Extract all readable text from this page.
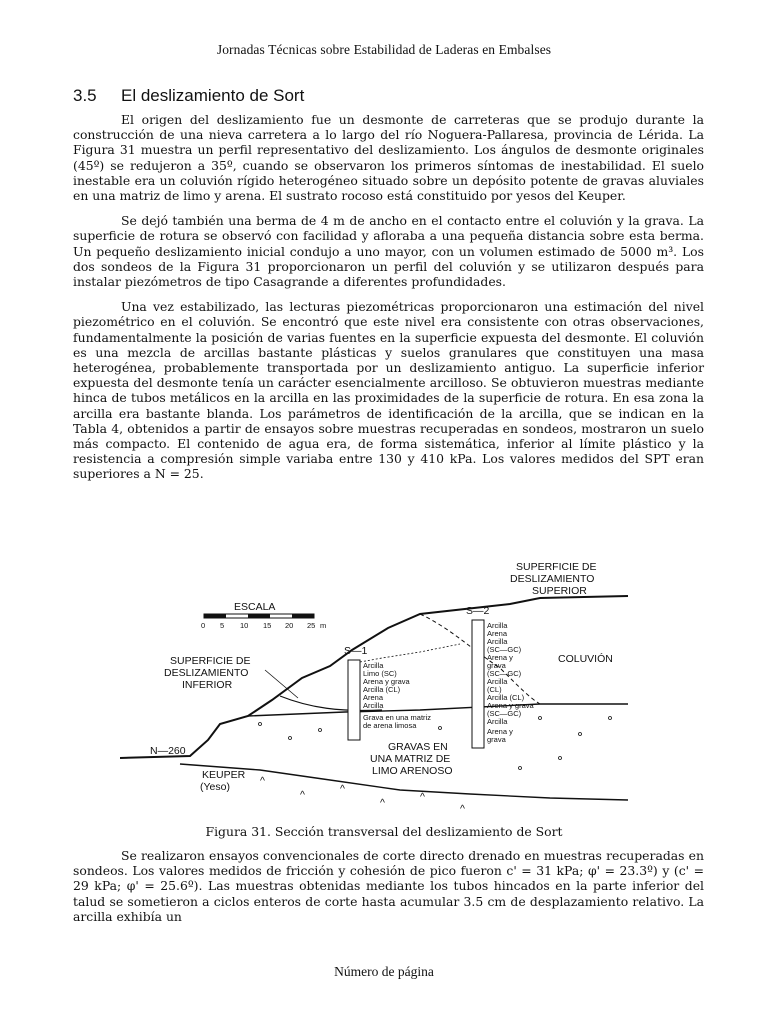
Jornadas Técnicas sobre Estabilidad de Laderas en Embalses
3.5 El deslizamiento de Sort

El origen del deslizamiento fue un desmonte de carreteras que se produjo durante la construcción de una nieva carretera a lo largo del río Noguera-Pallaresa, provincia de Lérida. La Figura 31 muestra un perfil representativo del deslizamiento. Los ángulos de desmonte originales (45º) se redujeron a 35º, cuando se observaron los primeros síntomas de inestabilidad. El suelo inestable era un coluvión rígido heterogéneo situado sobre un depósito potente de gravas aluviales en una matriz de limo y arena. El sustrato rocoso está constituido por yesos del Keuper.

Se dejó también una berma de 4 m de ancho en el contacto entre el coluvión y la grava. La superficie de rotura se observó con facilidad y afloraba a una pequeña distancia sobre esta berma. Un pequeño deslizamiento inicial condujo a uno mayor, con un volumen estimado de 5000 m³. Los dos sondeos de la Figura 31 proporcionaron un perfil del coluvión y se utilizaron después para instalar piezómetros de tipo Casagrande a diferentes profundidades.

Una vez estabilizado, las lecturas piezométricas proporcionaron una estimación del nivel piezométrico en el coluvión. Se encontró que este nivel era consistente con otras observaciones, fundamentalmente la posición de varias fuentes en la superficie expuesta del desmonte. El coluvión es una mezcla de arcillas bastante plásticas y suelos granulares que constituyen una masa heterogénea, probablemente transportada por un deslizamiento antiguo. La superficie inferior expuesta del desmonte tenía un carácter esencialmente arcilloso. Se obtuvieron muestras mediante hinca de tubos metálicos en la arcilla en las proximidades de la superficie de rotura. En esa zona la arcilla era bastante blanda. Los parámetros de identificación de la arcilla, que se indican en la Tabla 4, obtenidos a partir de ensayos sobre muestras recuperadas en sondeos, mostraron un suelo más compacto. El contenido de agua era, de forma sistemática, inferior al límite plástico y la resistencia a compresión simple variaba entre 130 y 410 kPa. Los valores medidos del SPT eran superiores a N = 25.

ESCALA
0 5 10 15 20 25 m
S—1
S—2
Arcilla
Limo (SC)
Arena y grava
Arcilla (CL)
Arena
Arcilla
Grava en una matriz
de arena limosa
Arcilla
Arena
Arcilla
(SC—GC)
Arena y
grava
(SC—GC)
Arcilla
(CL)
Arcilla (CL)
Arena y grava
(SC—GC)
Arcilla
Arena y
grava
SUPERFICIE DE
DESLIZAMIENTO
SUPERIOR
SUPERFICIE DE
DESLIZAMIENTO
INFERIOR
COLUVIÓN
GRAVAS EN
UNA MATRIZ DE
LIMO ARENOSO
KEUPER
(Yeso)
N—260
^
^	^
^	^
^
Figura 31. Sección transversal del deslizamiento de Sort

Se realizaron ensayos convencionales de corte directo drenado en muestras recuperadas en sondeos. Los valores medidos de fricción y cohesión de pico fueron c' = 31 kPa; φ' = 23.3º) y (c' = 29 kPa; φ' = 25.6º). Las muestras obtenidas mediante los tubos hincados en la parte inferior del talud se sometieron a ciclos enteros de corte hasta acumular 3.5 cm de desplazamiento relativo. La arcilla exhibía un

Número de página
